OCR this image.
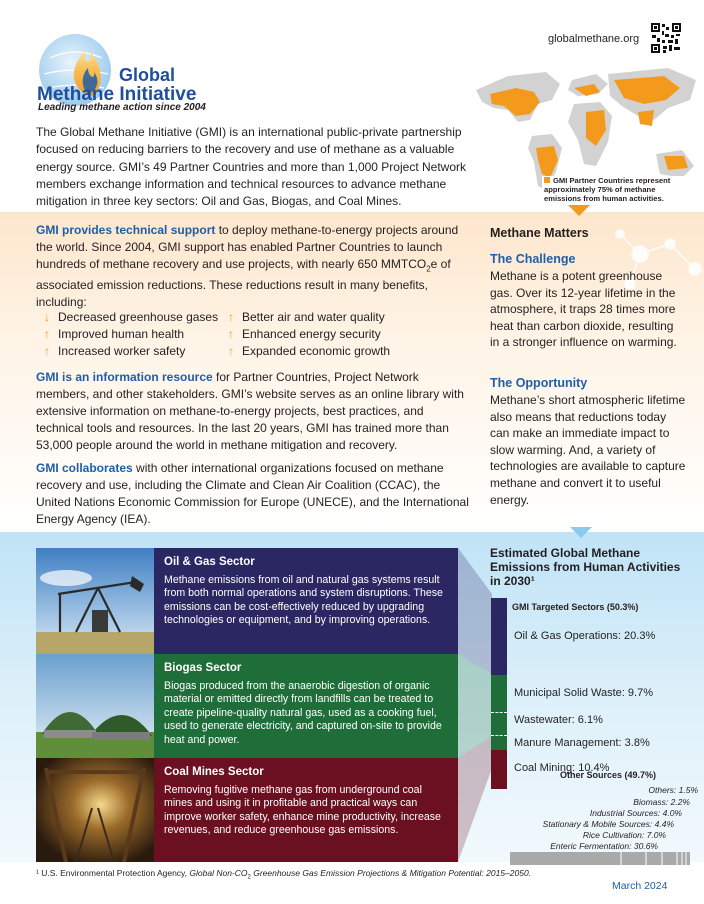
Global
Methane Initiative
Leading methane action since 2004
globalmethane.org
The Global Methane Initiative (GMI) is an international public-private partnership focused on reducing barriers to the recovery and use of methane as a valuable energy source. GMI’s 49 Partner Countries and more than 1,000 Project Network members exchange information and technical resources to advance methane mitigation in three key sectors: Oil and Gas, Biogas, and Coal Mines.
GMI Partner Countries represent approximately 75% of methane emissions from human activities.
GMI provides technical support to deploy methane-to-energy projects around the world. Since 2004, GMI support has enabled Partner Countries to launch hundreds of methane recovery and use projects, with nearly 650 $MMTCO_2e$ of associated emission reductions. These reductions result in many benefits, including:
↓ Decreased greenhouse gases ↑ Better air and water quality
↑ Improved human health	↑ Enhanced energy security
↑ Increased worker safety	↑ Expanded economic growth
GMI is an information resource for Partner Countries, Project Network members, and other stakeholders. GMI’s website serves as an online library with extensive information on methane-to-energy projects, best practices, and technical tools and resources. In the last 20 years, GMI has trained more than 53,000 people around the world in methane mitigation and recovery.
GMI collaborates with other international organizations focused on methane recovery and use, including the Climate and Clean Air Coalition (CCAC), the United Nations Economic Commission for Europe (UNECE), and the International Energy Agency (IEA).
Methane Matters
The Challenge
Methane is a potent greenhouse gas. Over its 12-year lifetime in the atmosphere, it traps 28 times more heat than carbon dioxide, resulting in a stronger influence on warming.
The Opportunity
Methane’s short atmospheric lifetime also means that reductions today can make an immediate impact to slow warming. And, a variety of technologies are available to capture methane and convert it to useful energy.
Oil & Gas Sector
Methane emissions from oil and natural gas systems result from both normal operations and system disruptions. These emissions can be cost-effectively reduced by upgrading technologies or equipment, and by improving operations.
Biogas Sector
Biogas produced from the anaerobic digestion of organic material or emitted directly from landfills can be treated to create pipeline-quality natural gas, used as a cooking fuel, used to generate electricity, and captured on-site to provide heat and power.
Coal Mines Sector
Removing fugitive methane gas from underground coal mines and using it in profitable and practical ways can improve worker safety, enhance mine productivity, increase revenues, and reduce greenhouse gas emissions.
Estimated Global Methane Emissions from Human Activities in 2030¹
GMI Targeted Sectors (50.3%)
Oil & Gas Operations: 20.3%
Municipal Solid Waste: 9.7%
Wastewater: 6.1%
Manure Management: 3.8%
Coal Mining: 10.4%
Other Sources (49.7%)
Others: 1.5%
Biomass: 2.2%
Industrial Sources: 4.0%
Stationary & Mobile Sources: 4.4%
Rice Cultivation: 7.0%
Enteric Fermentation: 30.6%
¹ U.S. Environmental Protection Agency, Global Non-$CO_2$ Greenhouse Gas Emission Projections & Mitigation Potential: 2015–2050.
March 2024
